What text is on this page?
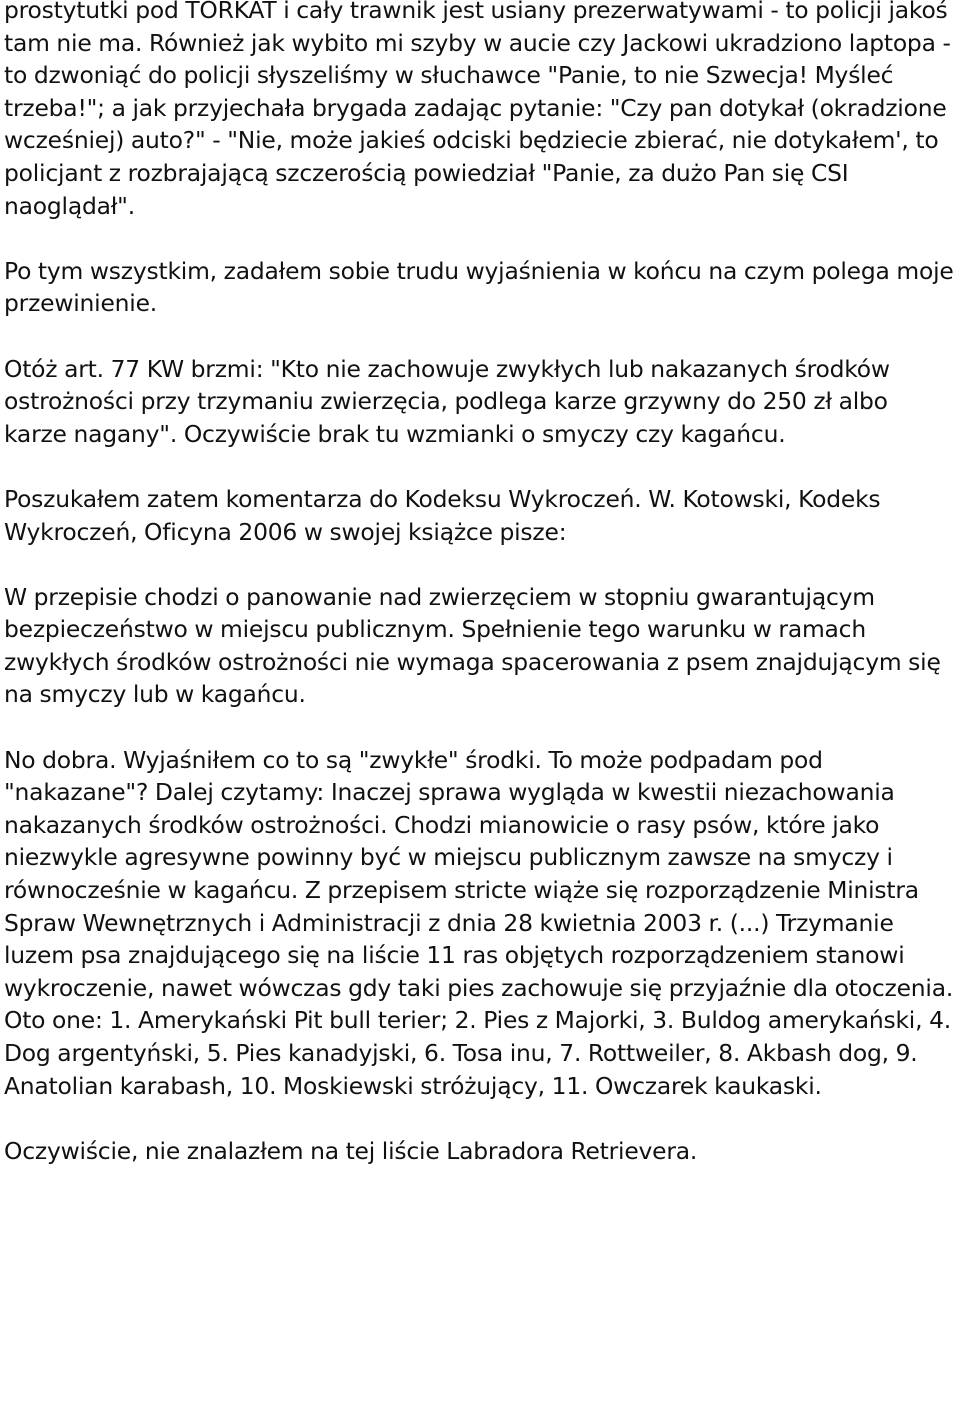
prostytutki pod TORKAT i cały trawnik jest usiany prezerwatywami - to policji jakoś tam nie ma. Również jak wybito mi szyby w aucie czy Jackowi ukradziono laptopa - to dzwoniąć do policji słyszeliśmy w słuchawce "Panie, to nie Szwecja! Myśleć trzeba!"; a jak przyjechała brygada zadając pytanie: "Czy pan dotykał (okradzione wcześniej) auto?" - "Nie, może jakieś odciski będziecie zbierać, nie dotykałem', to policjant z rozbrajającą szczerością powiedział "Panie, za dużo Pan się CSI naoglądał".

Po tym wszystkim, zadałem sobie trudu wyjaśnienia w końcu na czym polega moje przewinienie.

Otóż art. 77 KW brzmi: "Kto nie zachowuje zwykłych lub nakazanych środków ostrożności przy trzymaniu zwierzęcia, podlega karze grzywny do 250 zł albo karze nagany". Oczywiście brak tu wzmianki o smyczy czy kagańcu.

Poszukałem zatem komentarza do Kodeksu Wykroczeń. W. Kotowski, Kodeks Wykroczeń, Oficyna 2006 w swojej książce pisze:

W przepisie chodzi o panowanie nad zwierzęciem w stopniu gwarantującym bezpieczeństwo w miejscu publicznym. Spełnienie tego warunku w ramach zwykłych środków ostrożności nie wymaga spacerowania z psem znajdującym się na smyczy lub w kagańcu.

No dobra. Wyjaśniłem co to są "zwykłe" środki. To może podpadam pod "nakazane"? Dalej czytamy: Inaczej sprawa wygląda w kwestii niezachowania nakazanych środków ostrożności. Chodzi mianowicie o rasy psów, które jako niezwykle agresywne powinny być w miejscu publicznym zawsze na smyczy i równocześnie w kagańcu. Z przepisem stricte wiąże się rozporządzenie Ministra Spraw Wewnętrznych i Administracji z dnia 28 kwietnia 2003 r. (...) Trzymanie luzem psa znajdującego się na liście 11 ras objętych rozporządzeniem stanowi wykroczenie, nawet wówczas gdy taki pies zachowuje się przyjaźnie dla otoczenia. Oto one: 1. Amerykański Pit bull terier; 2. Pies z Majorki, 3. Buldog amerykański, 4. Dog argentyński, 5. Pies kanadyjski, 6. Tosa inu, 7. Rottweiler, 8. Akbash dog, 9. Anatolian karabash, 10. Moskiewski stróżujący, 11. Owczarek kaukaski.

Oczywiście, nie znalazłem na tej liście Labradora Retrievera.
